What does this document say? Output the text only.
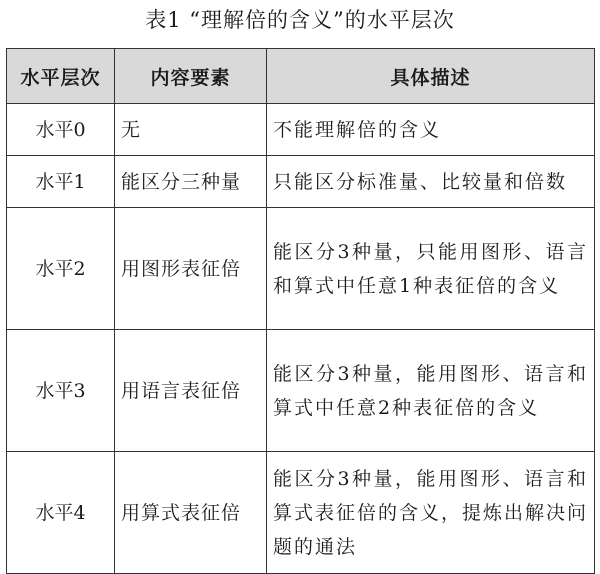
表1 “理解倍的含义”的水平层次
水平层次	内容要素	具体描述
水平0	无	不能理解倍的含义
水平1	能区分三种量	只能区分标准量、比较量和倍数
水平2	用图形表征倍	能区分3种量，只能用图形、语言和算式中任意1种表征倍的含义
水平3	用语言表征倍	能区分3种量，能用图形、语言和算式中任意2种表征倍的含义
水平4	用算式表征倍	能区分3种量，能用图形、语言和算式表征倍的含义，提炼出解决问题的通法
